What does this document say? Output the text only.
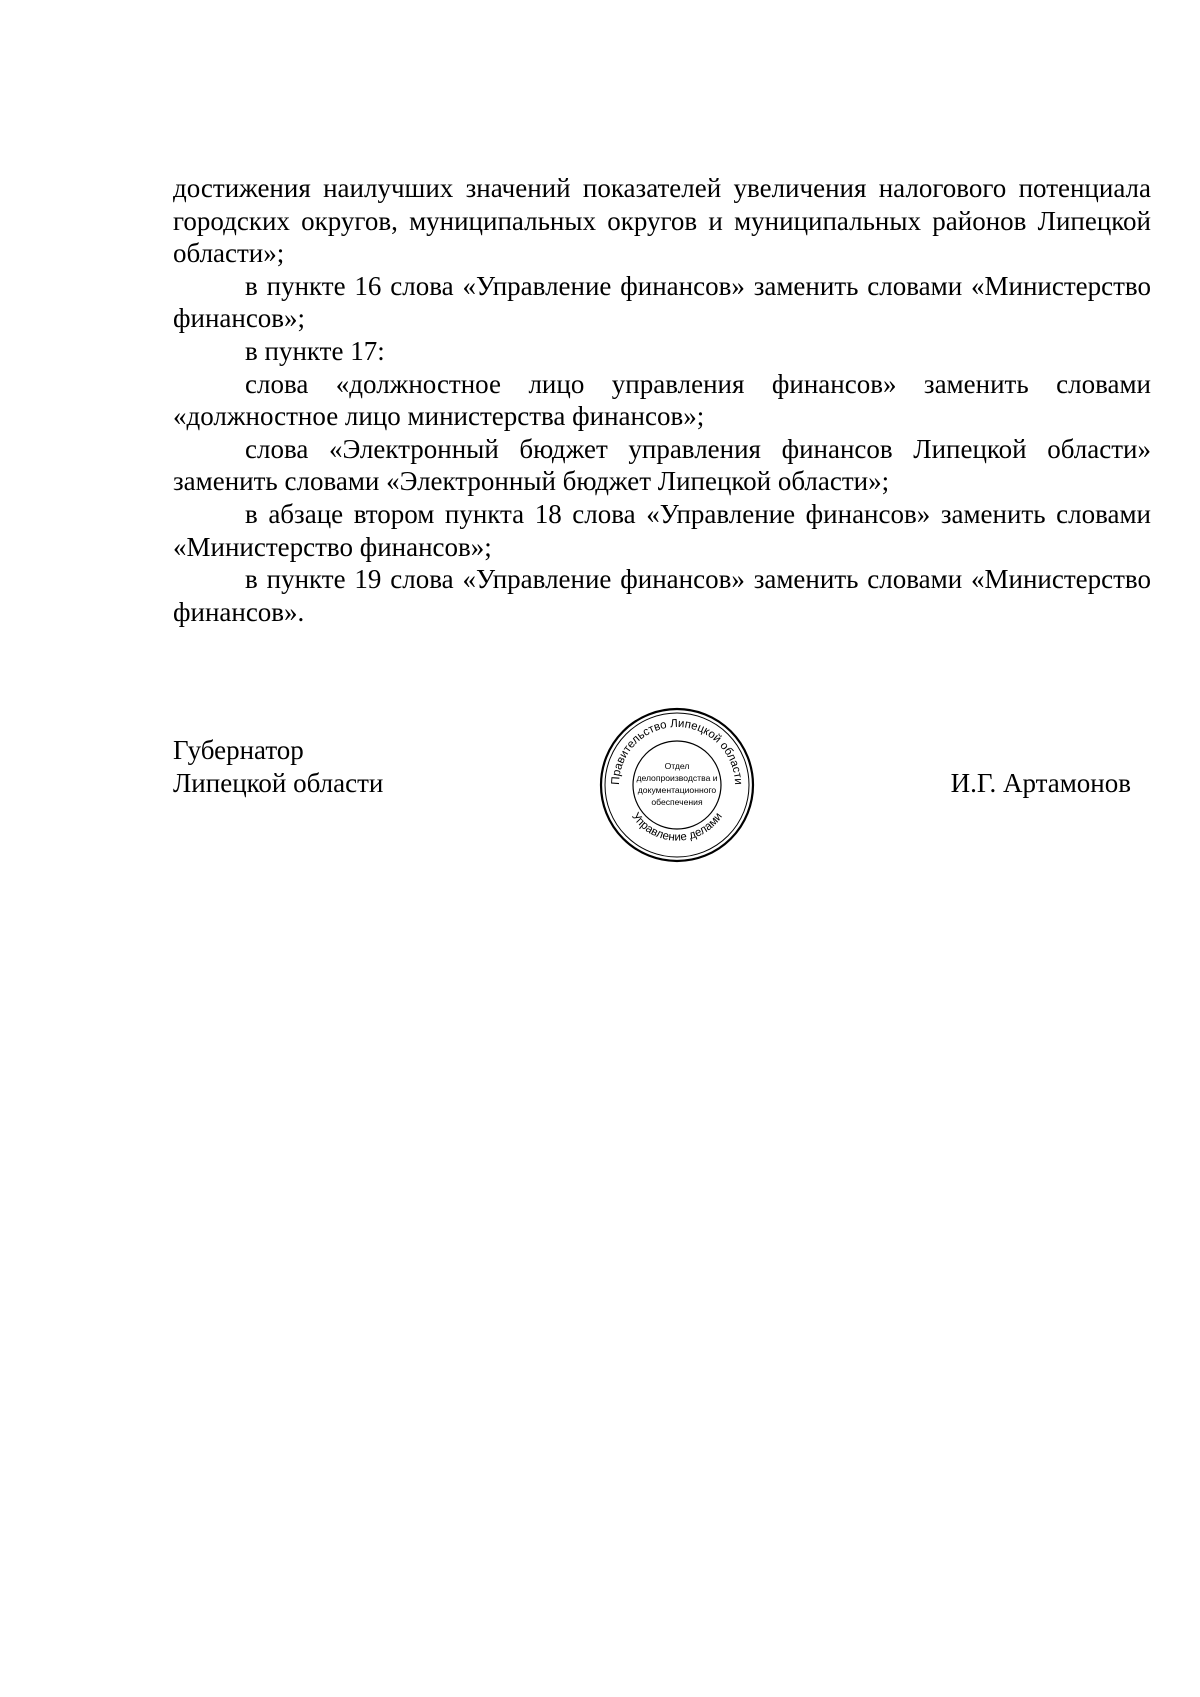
достижения наилучших значений показателей увеличения налогового потенциала городских округов, муниципальных округов и муниципальных районов Липецкой области»;

в пункте 16 слова «Управление финансов» заменить словами «Министерство финансов»;

в пункте 17:

слова «должностное лицо управления финансов» заменить словами «должностное лицо министерства финансов»;

слова «Электронный бюджет управления финансов Липецкой области» заменить словами «Электронный бюджет Липецкой области»;

в абзаце втором пункта 18 слова «Управление финансов» заменить словами «Министерство финансов»;

в пункте 19 слова «Управление финансов» заменить словами «Министерство финансов».

Губернатор
Липецкой области	И.Г. Артамонов
Правительство Липецкой области
Управление делами
Отдел
делопроизводства и
документационного
обеспечения
